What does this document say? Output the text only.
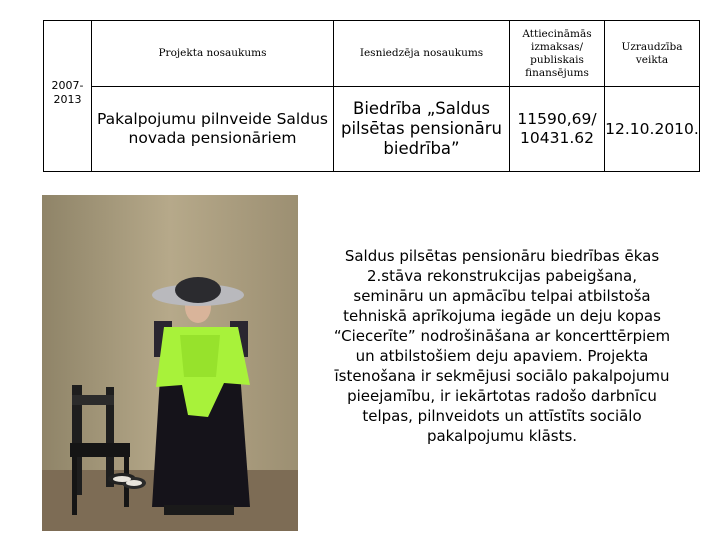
2007-2013	Projekta nosaukums	Iesniedzēja nosaukums	Attiecināmās izmaksas/ publiskais finansējums	Uzraudzība veikta
	Pakalpojumu pilnveide Saldus novada pensionāriem	Biedrība „Saldus pilsētas pensionāru biedrība”	11590,69/ 10431.62	12.10.2010.
Saldus pilsētas pensionāru biedrības ēkas 2.stāva rekonstrukcijas pabeigšana, semināru un apmācību telpai atbilstoša tehniskā aprīkojuma iegāde un deju kopas “Ciecerīte” nodrošināšana ar koncerttērpiem un atbilstošiem deju apaviem. Projekta īstenošana ir sekmējusi sociālo pakalpojumu pieejamību, ir iekārtotas radošo darbnīcu telpas, pilnveidots un attīstīts sociālo pakalpojumu klāsts.
